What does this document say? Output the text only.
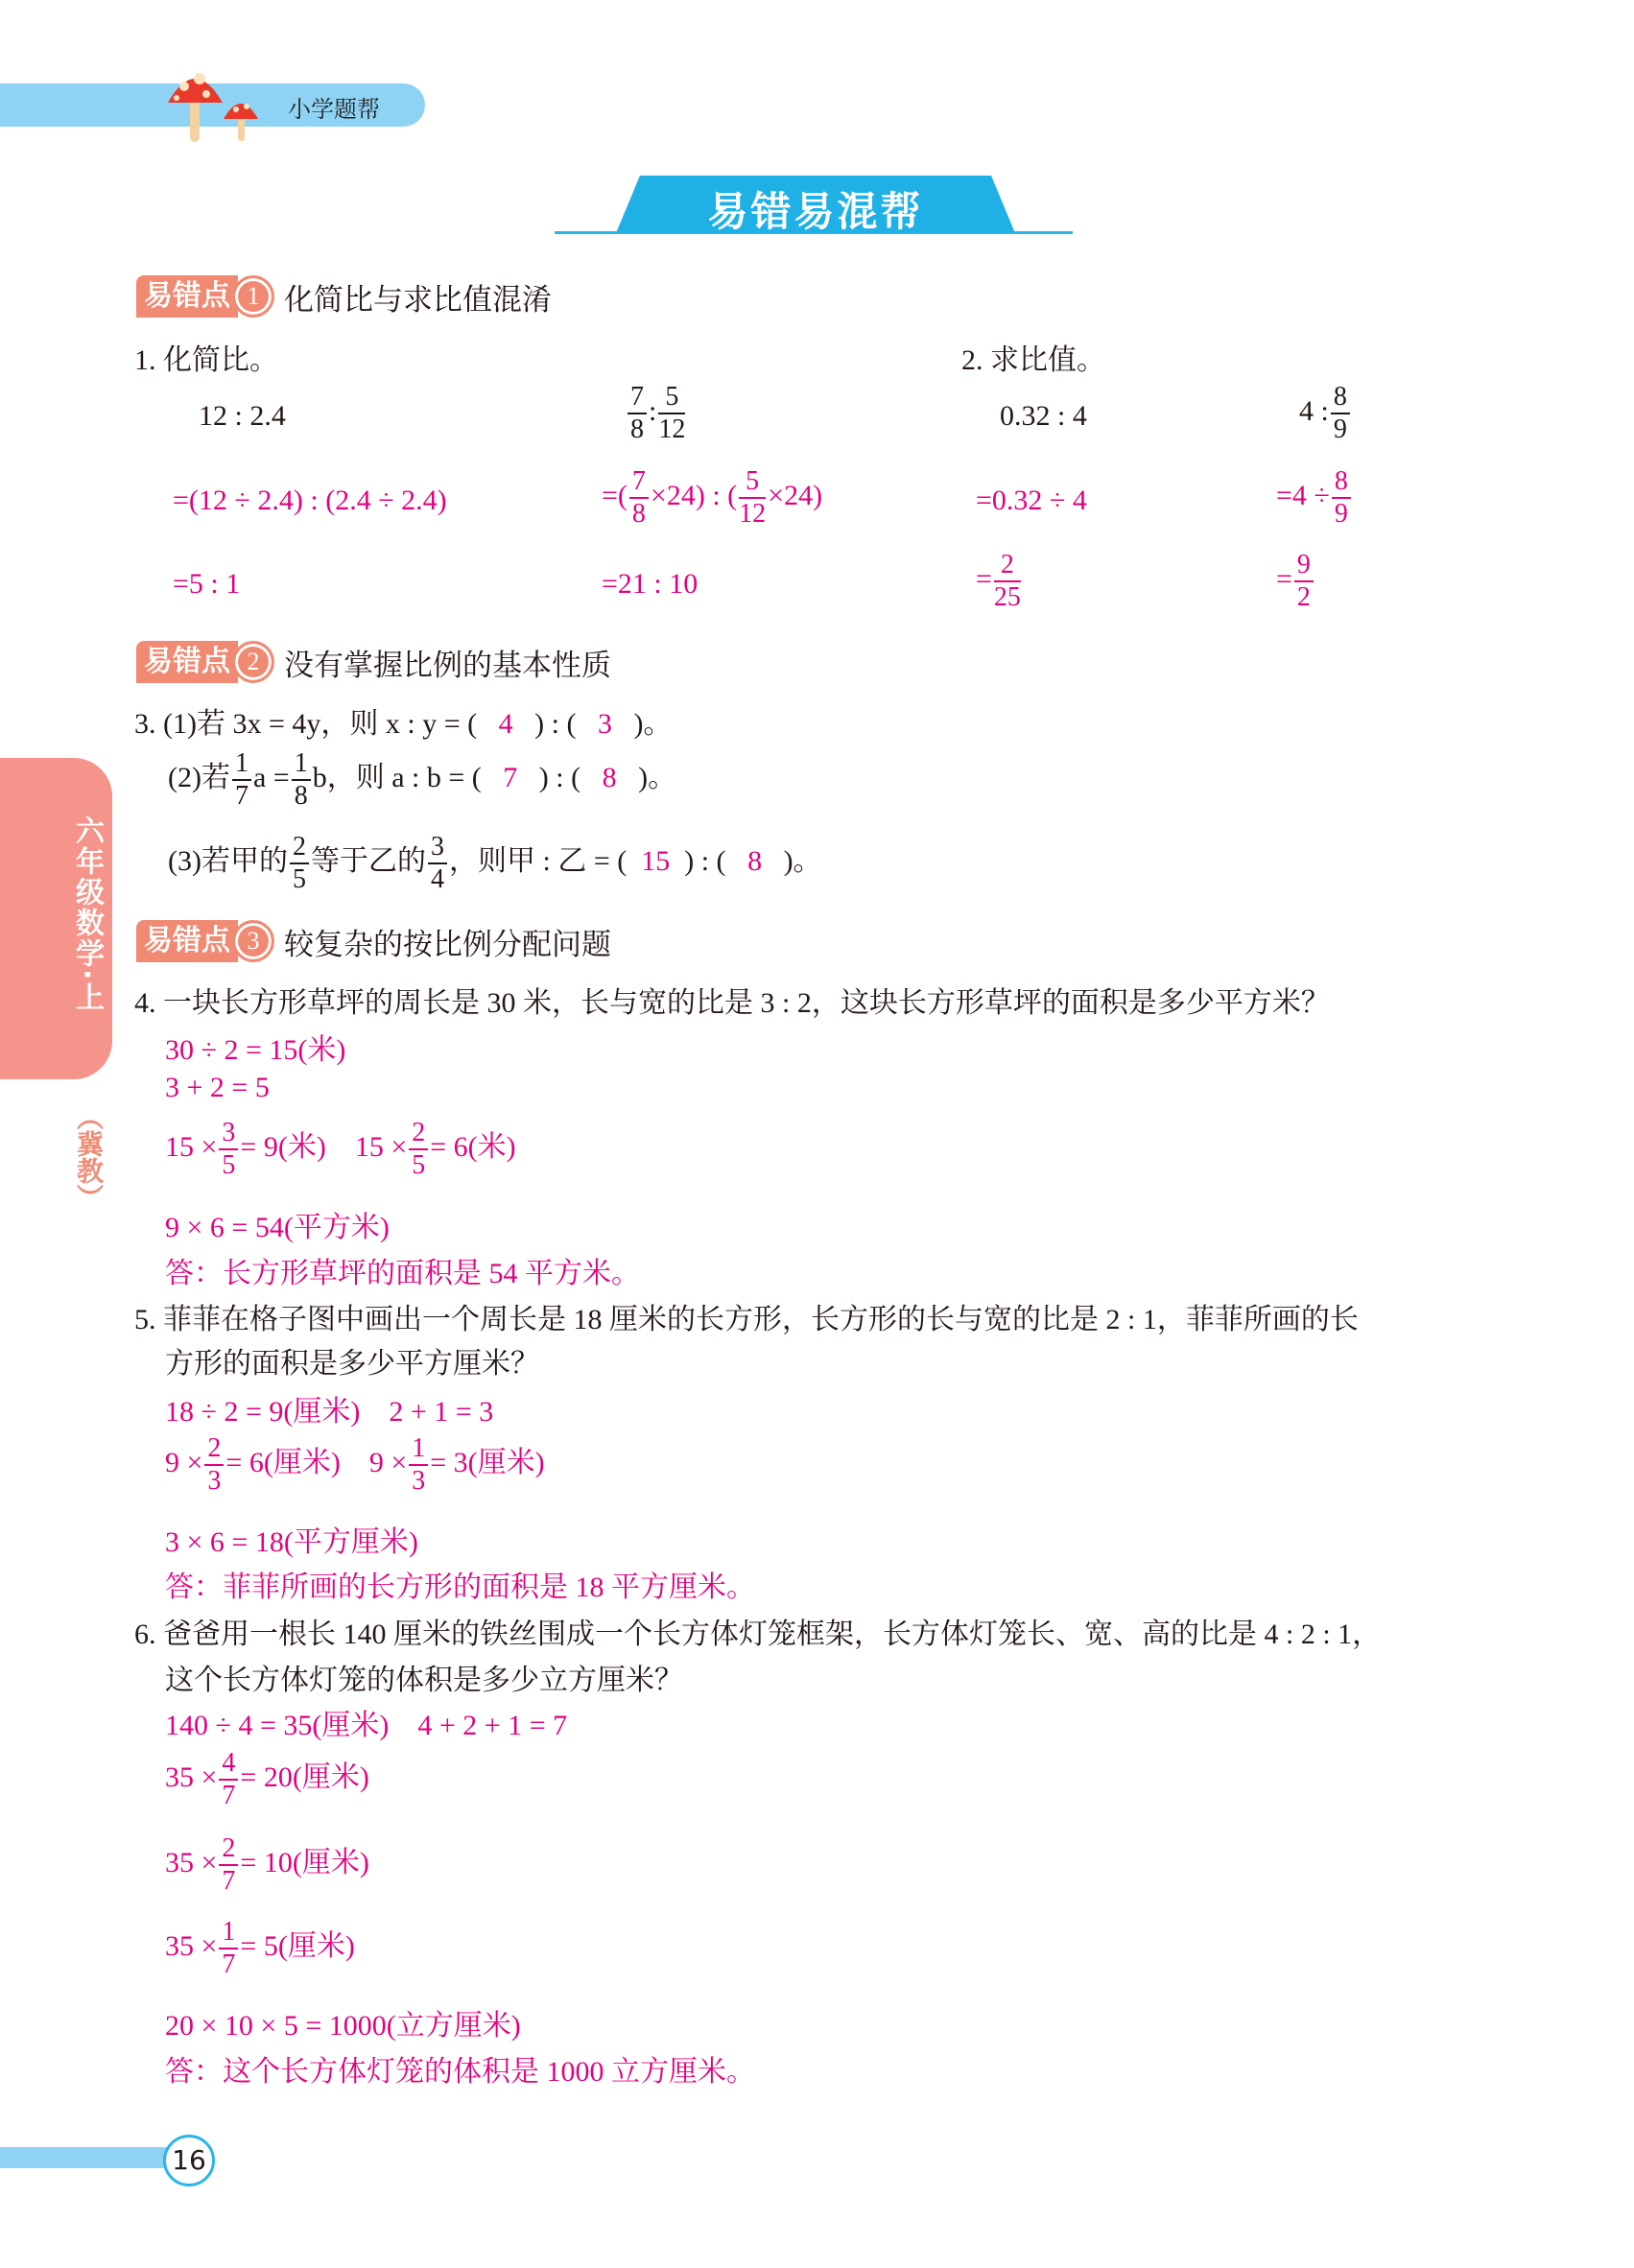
小学题帮
易错易混帮
六年级数学·上
（冀教）
易错点 1 化简比与求比值混淆
1. 化简比。	2. 求比值。
12 : 2.4	$\frac{7}{8}$ : $\frac{5}{12}$	0.32 : 4	4 : $\frac{8}{9}$
=(12 ÷ 2.4) : (2.4 ÷ 2.4)	=( $\frac{7}{8} \times 24$) : ( $\frac{5}{12} \times 24$)	=0.32 ÷ 4	$=4 \div \frac{8}{9}$
=5 : 1	=21 : 10	= $\frac{2}{25}$	= $\frac{9}{2}$
易错点 2 没有掌握比例的基本性质
3. (1)若 3x = 4y，则 x : y = ( 4 ) : ( 3 )。
(2)若 $\frac{1}{7}$ $a = \frac{1}{8}$ b，则 a : b = ( 7 ) : ( 8 )。
(3)若甲的 $\frac{2}{5}$ 等于乙的 $\frac{3}{4}$ ，则甲 : 乙 = ( 15 ) : ( 8 )。
易错点 3 较复杂的按比例分配问题
4. 一块长方形草坪的周长是 30 米，长与宽的比是 3 : 2，这块长方形草坪的面积是多少平方米？
30 ÷ 2 = 15(米)
3 + 2 = 5
$15 \times \frac{3}{5} = 9$(米)　$15 \times \frac{2}{5} = 6$(米)
9 × 6 = 54(平方米)
答：长方形草坪的面积是 54 平方米。
5. 菲菲在格子图中画出一个周长是 18 厘米的长方形，长方形的长与宽的比是 2 : 1，菲菲所画的长
方形的面积是多少平方厘米？
18 ÷ 2 = 9(厘米)　2 + 1 = 3
$9 \times \frac{2}{3} = 6$(厘米)　$9 \times \frac{1}{3} = 3$(厘米)
3 × 6 = 18(平方厘米)
答：菲菲所画的长方形的面积是 18 平方厘米。
6. 爸爸用一根长 140 厘米的铁丝围成一个长方体灯笼框架，长方体灯笼长、宽、高的比是 4 : 2 : 1，
这个长方体灯笼的体积是多少立方厘米？
140 ÷ 4 = 35(厘米)　4 + 2 + 1 = 7
$35 \times \frac{4}{7} = 20$(厘米)
$35 \times \frac{2}{7} = 10$(厘米)
$35 \times \frac{1}{7} = 5$(厘米)
20 × 10 × 5 = 1000(立方厘米)
答：这个长方体灯笼的体积是 1000 立方厘米。
16
